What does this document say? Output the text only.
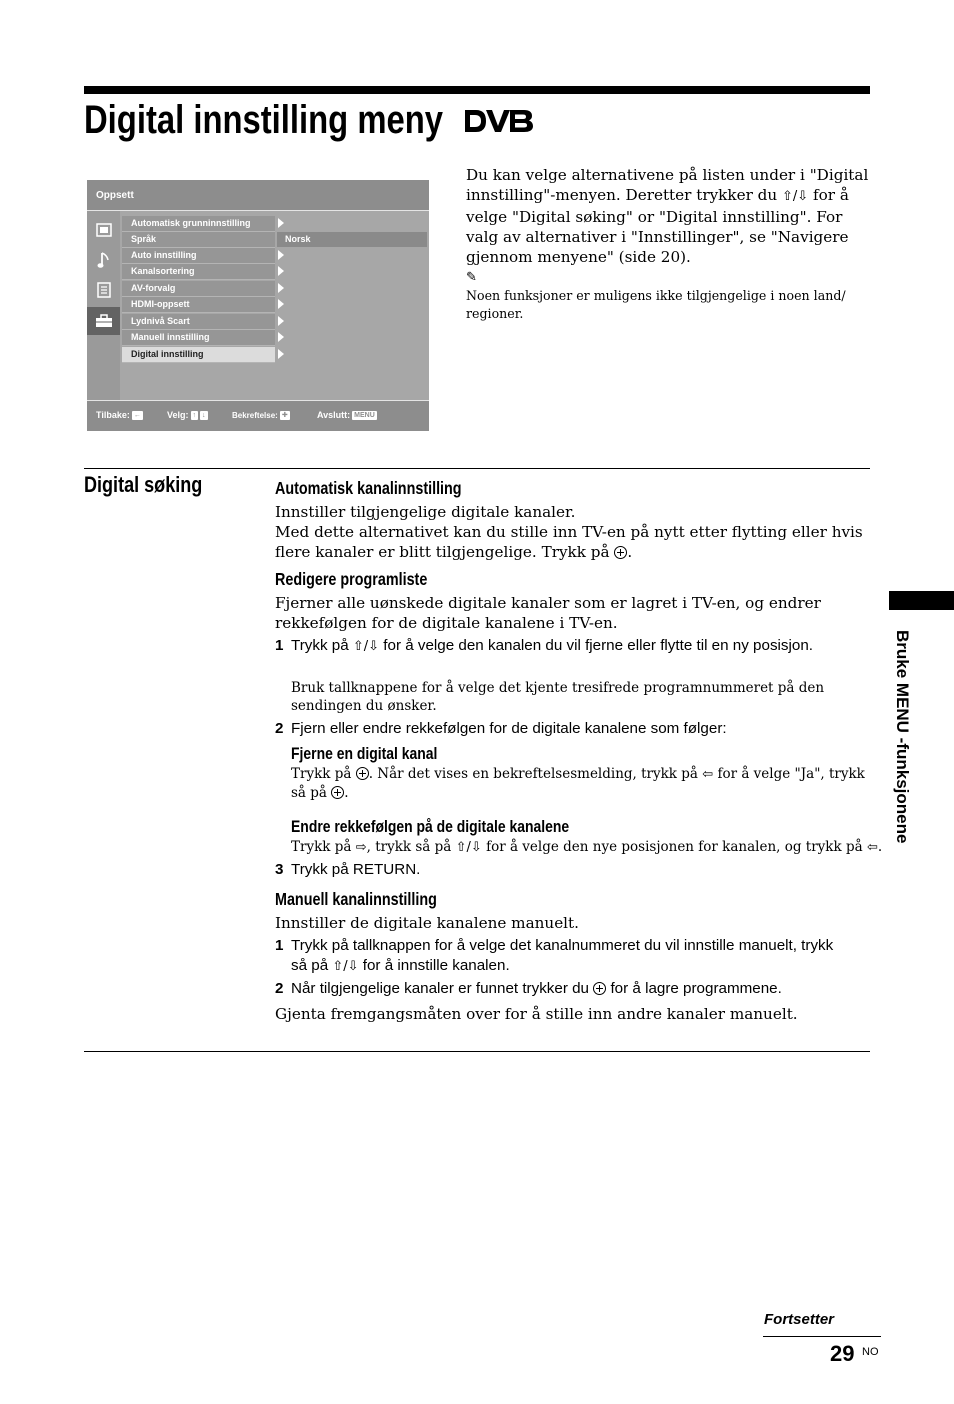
Digital innstilling meny
Oppsett
Automatisk grunninnstilling
Språk
Auto innstilling
Kanalsortering
AV-forvalg
HDMI-oppsett
Lydnivå Scart
Manuell innstilling
Digital innstilling
Norsk
Tilbake: ←	Velg: ↑ ↓	Bekreftelse: ✚	Avslutt: MENU
Du kan velge alternativene på listen under i "Digital innstilling"-menyen. Deretter trykker du ⇧/⇩ for å velge "Digital søking" or "Digital innstilling". For valg av alternativer i "Innstillinger", se "Navigere gjennom menyene" (side 20).
✎
Noen funksjoner er muligens ikke tilgjengelige i noen land/ regioner.
Digital søking	Automatisk kanalinnstilling
Innstiller tilgjengelige digitale kanaler.
Med dette alternativet kan du stille inn TV-en på nytt etter flytting eller hvis flere kanaler er blitt tilgjengelige. Trykk på .
Redigere programliste
Fjerner alle uønskede digitale kanaler som er lagret i TV-en, og endrer rekkefølgen for de digitale kanalene i TV-en.
1 Trykk på ⇧/⇩ for å velge den kanalen du vil fjerne eller flytte til en ny posisjon.
Bruk tallknappene for å velge det kjente tresifrede programnummeret på den sendingen du ønsker.
2 Fjern eller endre rekkefølgen for de digitale kanalene som følger:
Fjerne en digital kanal
Trykk på . Når det vises en bekreftelsesmelding, trykk på ⇦ for å velge "Ja", trykk så på .
Endre rekkefølgen på de digitale kanalene
Trykk på ⇨, trykk så på ⇧/⇩ for å velge den nye posisjonen for kanalen, og trykk på ⇦.
3 Trykk på RETURN.
Manuell kanalinnstilling
Innstiller de digitale kanalene manuelt.
1 Trykk på tallknappen for å velge det kanalnummeret du vil innstille manuelt, trykk så på ⇧/⇩ for å innstille kanalen.
2 Når tilgjengelige kanaler er funnet trykker du  for å lagre programmene.
Gjenta fremgangsmåten over for å stille inn andre kanaler manuelt.
Bruke MENU -funksjonene
Fortsetter
29 NO
